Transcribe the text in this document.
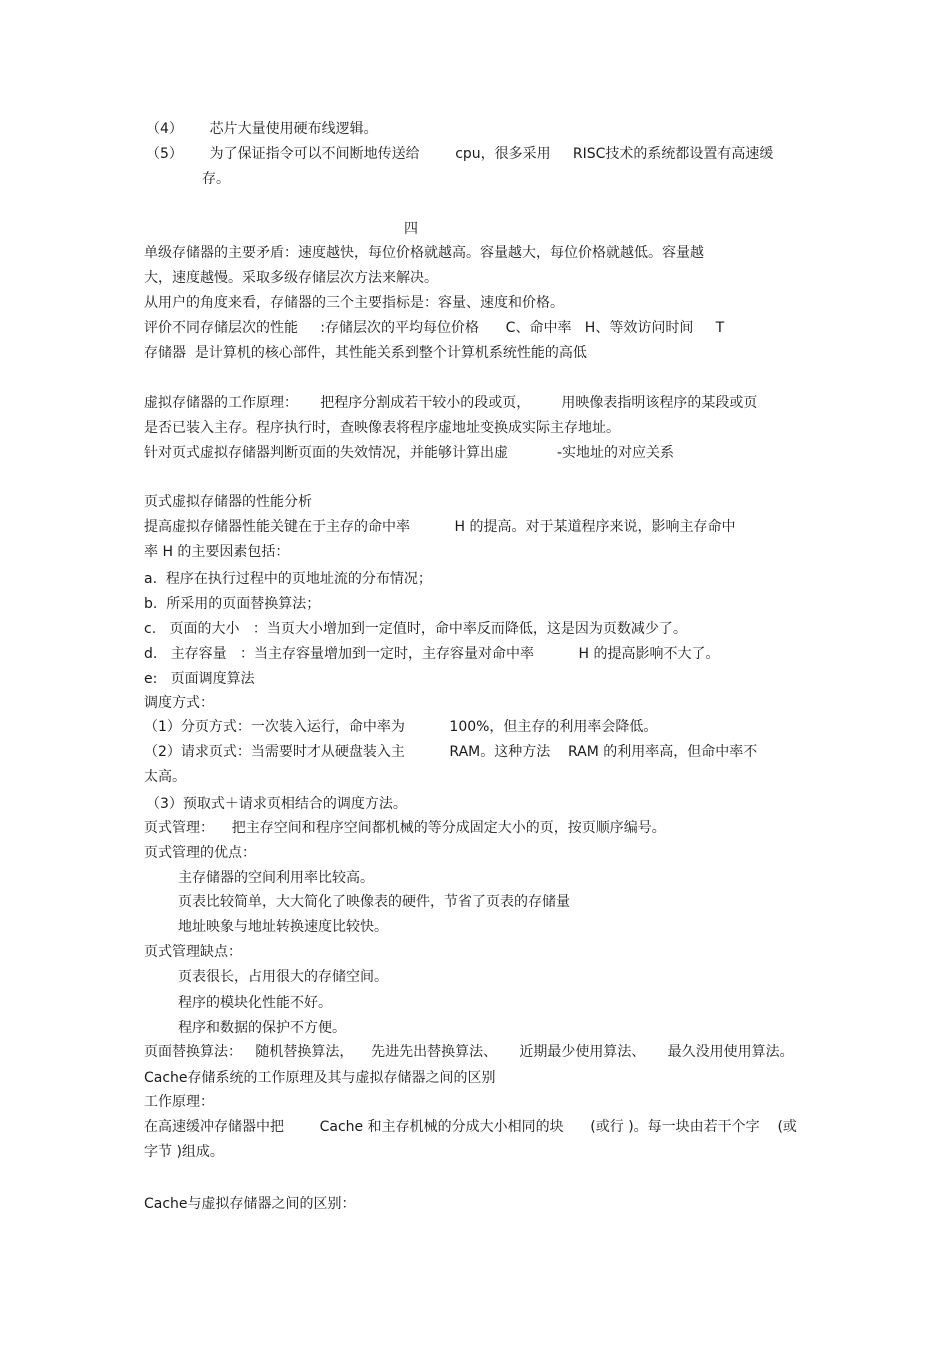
（4）      芯片大量使用硬布线逻辑。
（5）      为了保证指令可以不间断地传送给        cpu，很多采用     RISC技术的系统都设置有高速缓
存。
四
单级存储器的主要矛盾：速度越快，每位价格就越高。容量越大，每位价格就越低。容量越
大，速度越慢。采取多级存储层次方法来解决。
从用户的角度来看，存储器的三个主要指标是：容量、速度和价格。
评价不同存储层次的性能     :存储层次的平均每位价格      C、命中率   H、等效访问时间     T
存储器  是计算机的核心部件，其性能关系到整个计算机系统性能的高低
虚拟存储器的工作原理：     把程序分割成若干较小的段或页，       用映像表指明该程序的某段或页
是否已装入主存。程序执行时，查映像表将程序虚地址变换成实际主存地址。
针对页式虚拟存储器判断页面的失效情况，并能够计算出虚           -实地址的对应关系
页式虚拟存储器的性能分析
提高虚拟存储器性能关键在于主存的命中率          H 的提高。对于某道程序来说，影响主存命中
率 H 的主要因素包括：
a.  程序在执行过程中的页地址流的分布情况；
b.  所采用的页面替换算法；
c.   页面的大小   ：当页大小增加到一定值时，命中率反而降低，这是因为页数减少了。
d.   主存容量   ：当主存容量增加到一定时，主存容量对命中率          H 的提高影响不大了。
e:   页面调度算法
调度方式：
（1）分页方式：一次装入运行，命中率为          100%，但主存的利用率会降低。
（2）请求页式：当需要时才从硬盘装入主          RAM。这种方法    RAM 的利用率高，但命中率不
太高。
（3）预取式＋请求页相结合的调度方法。
页式管理：    把主存空间和程序空间都机械的等分成固定大小的页，按页顺序编号。
页式管理的优点：
主存储器的空间利用率比较高。
页表比较简单，大大简化了映像表的硬件，节省了页表的存储量
地址映象与地址转换速度比较快。
页式管理缺点：
页表很长，占用很大的存储空间。
程序的模块化性能不好。
程序和数据的保护不方便。
页面替换算法：   随机替换算法，    先进先出替换算法、     近期最少使用算法、     最久没用使用算法。
Cache存储系统的工作原理及其与虚拟存储器之间的区别
工作原理：
在高速缓冲存储器中把        Cache 和主存机械的分成大小相同的块      (或行 )。每一块由若干个字    (或
字节 )组成。
Cache与虚拟存储器之间的区别：
